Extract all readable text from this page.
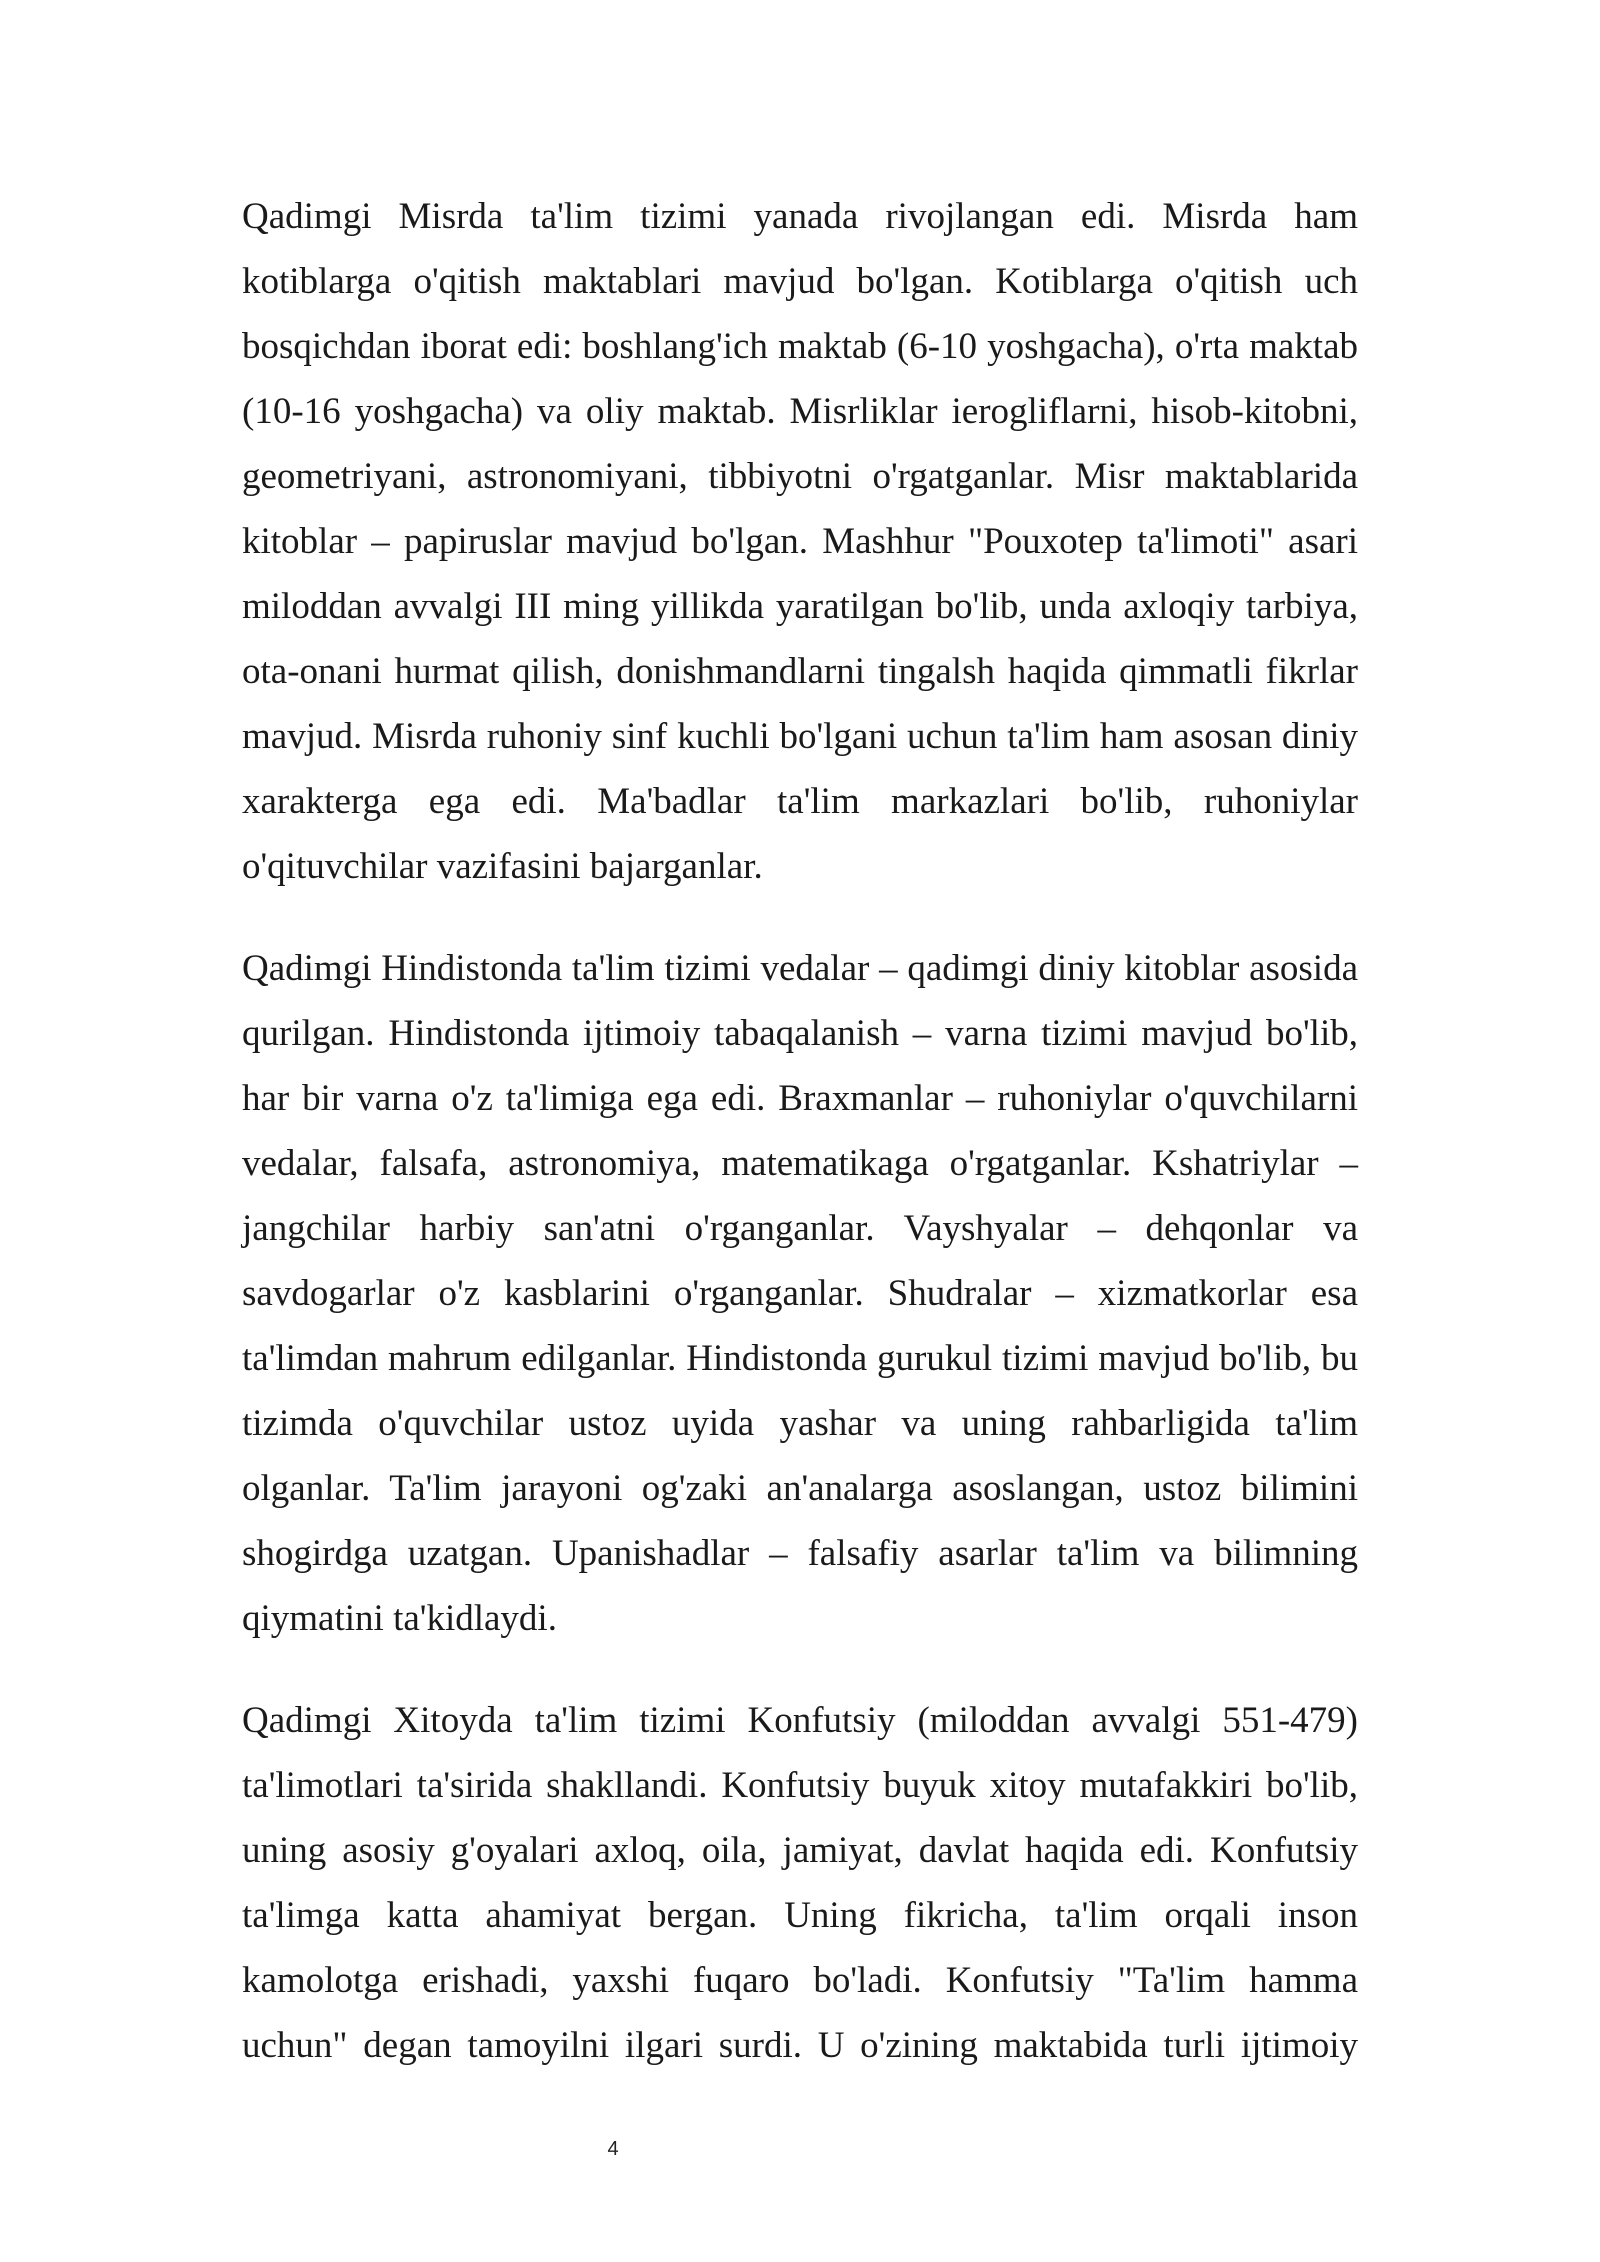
Qadimgi Misrda ta'lim tizimi yanada rivojlangan edi. Misrda ham kotiblarga o'qitish maktablari mavjud bo'lgan. Kotiblarga o'qitish uch bosqichdan iborat edi: boshlang'ich maktab (6-10 yoshgacha), o'rta maktab (10-16 yoshgacha) va oliy maktab. Misrliklar ierogliflarni, hisob-kitobni, geometriyani, astronomiyani, tibbiyotni o'rgatganlar. Misr maktablarida kitoblar – papiruslar mavjud bo'lgan. Mashhur "Pouxotep ta'limoti" asari miloddan avvalgi III ming yillikda yaratilgan bo'lib, unda axloqiy tarbiya, ota-onani hurmat qilish, donishmandlarni tingalsh haqida qimmatli fikrlar mavjud. Misrda ruhoniy sinf kuchli bo'lgani uchun ta'lim ham asosan diniy xarakterga ega edi. Ma'badlar ta'lim markazlari bo'lib, ruhoniylar o'qituvchilar vazifasini bajarganlar.

Qadimgi Hindistonda ta'lim tizimi vedalar – qadimgi diniy kitoblar asosida qurilgan. Hindistonda ijtimoiy tabaqalanish – varna tizimi mavjud bo'lib, har bir varna o'z ta'limiga ega edi. Braxmanlar – ruhoniylar o'quvchilarni vedalar, falsafa, astronomiya, matematikaga o'rgatganlar. Kshatriylar – jangchilar harbiy san'atni o'rganganlar. Vayshyalar – dehqonlar va savdogarlar o'z kasblarini o'rganganlar. Shudralar – xizmatkorlar esa ta'limdan mahrum edilganlar. Hindistonda gurukul tizimi mavjud bo'lib, bu tizimda o'quvchilar ustoz uyida yashar va uning rahbarligida ta'lim olganlar. Ta'lim jarayoni og'zaki an'analarga asoslangan, ustoz bilimini shogirdga uzatgan. Upanishadlar – falsafiy asarlar ta'lim va bilimning qiymatini ta'kidlaydi.

Qadimgi Xitoyda ta'lim tizimi Konfutsiy (miloddan avvalgi 551-479) ta'limotlari ta'sirida shakllandi. Konfutsiy buyuk xitoy mutafakkiri bo'lib, uning asosiy g'oyalari axloq, oila, jamiyat, davlat haqida edi. Konfutsiy ta'limga katta ahamiyat bergan. Uning fikricha, ta'lim orqali inson kamolotga erishadi, yaxshi fuqaro bo'ladi. Konfutsiy "Ta'lim hamma uchun" degan tamoyilni ilgari surdi. U o'zining maktabida turli ijtimoiy

4
